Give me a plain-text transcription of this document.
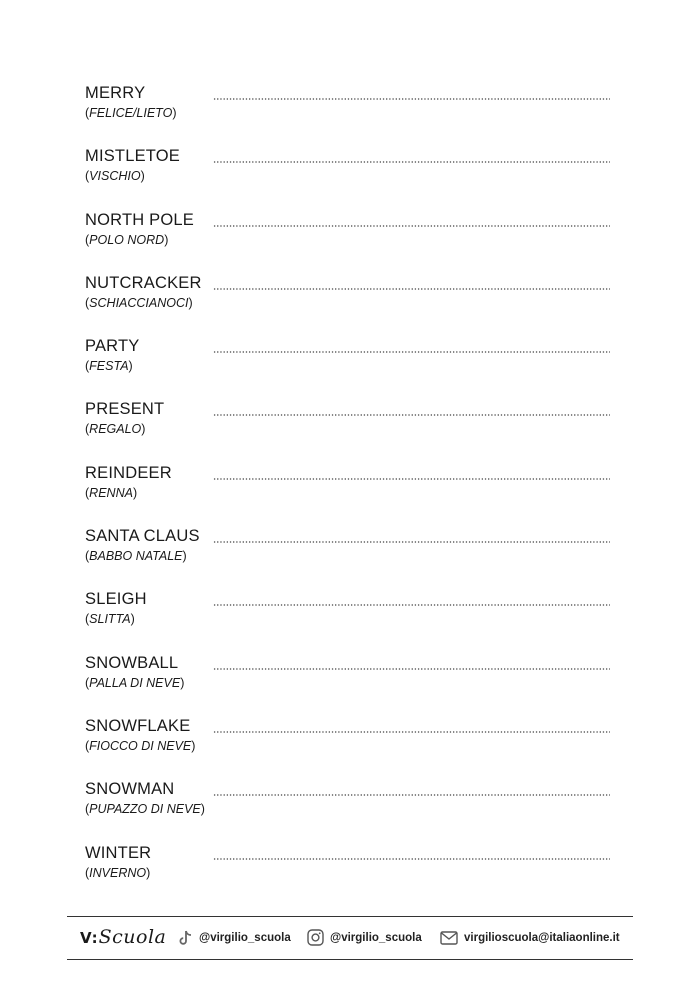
MERRY
(FELICE/LIETO)
MISTLETOE
(VISCHIO)
NORTH POLE
(POLO NORD)
NUTCRACKER
(SCHIACCIANOCI)
PARTY
(FESTA)
PRESENT
(REGALO)
REINDEER
(RENNA)
SANTA CLAUS
(BABBO NATALE)
SLEIGH
(SLITTA)
SNOWBALL
(PALLA DI NEVE)
SNOWFLAKE
(FIOCCO DI NEVE)
SNOWMAN
(PUPAZZO DI NEVE)
WINTER
(INVERNO)
V : Scuola	@virgilio_scuola	@virgilio_scuola	virgilioscuola@italiaonline.it
